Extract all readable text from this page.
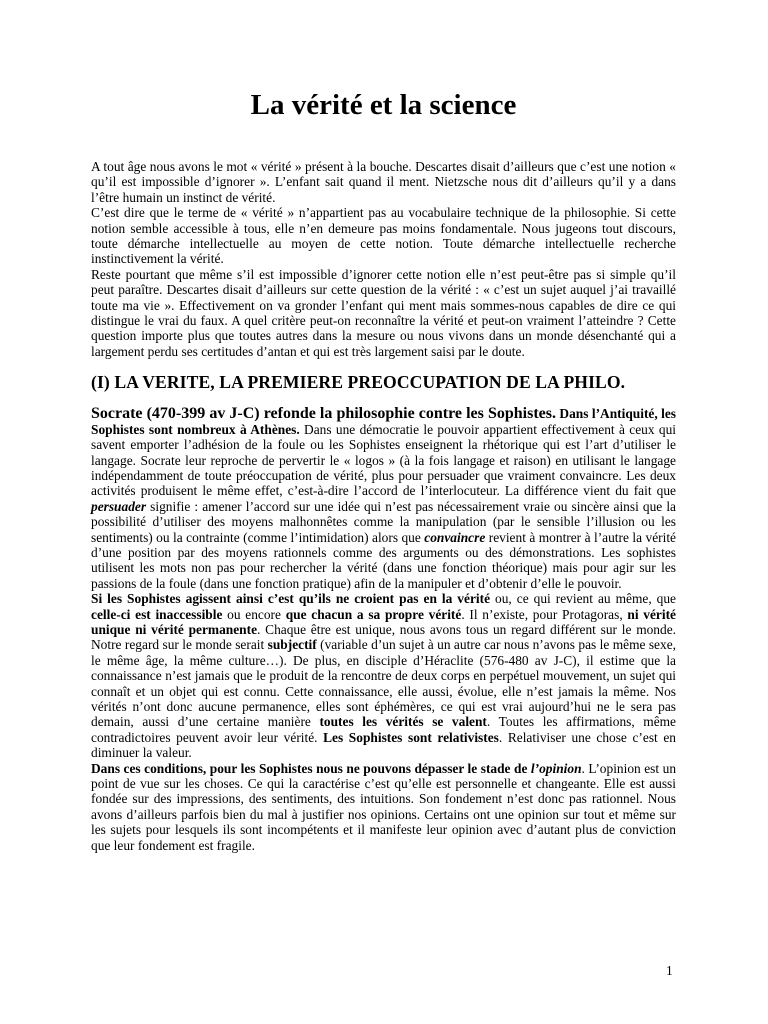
La vérité et la science

A tout âge nous avons le mot « vérité » présent à la bouche. Descartes disait d’ailleurs que c’est une notion « qu’il est impossible d’ignorer ». L’enfant sait quand il ment. Nietzsche nous dit d’ailleurs qu’il y a dans l’être humain un instinct de vérité.

C’est dire que le terme de « vérité » n’appartient pas au vocabulaire technique de la philosophie. Si cette notion semble accessible à tous, elle n’en demeure pas moins fondamentale. Nous jugeons tout discours, toute démarche intellectuelle au moyen de cette notion. Toute démarche intellectuelle recherche instinctivement la vérité.

Reste pourtant que même s’il est impossible d’ignorer cette notion elle n’est peut-être pas si simple qu’il peut paraître. Descartes disait d’ailleurs sur cette question de la vérité : « c’est un sujet auquel j’ai travaillé toute ma vie ». Effectivement on va gronder l’enfant qui ment mais sommes-nous capables de dire ce qui distingue le vrai du faux. A quel critère peut-on reconnaître la vérité et peut-on vraiment l’atteindre ? Cette question importe plus que toutes autres dans la mesure ou nous vivons dans un monde désenchanté qui a largement perdu ses certitudes d’antan et qui est très largement saisi par le doute.

(I) LA VERITE, LA PREMIERE PREOCCUPATION DE LA PHILO.

Socrate (470-399 av J-C) refonde la philosophie contre les Sophistes. Dans l’Antiquité, les Sophistes sont nombreux à Athènes. Dans une démocratie le pouvoir appartient effectivement à ceux qui savent emporter l’adhésion de la foule ou les Sophistes enseignent la rhétorique qui est l’art d’utiliser le langage. Socrate leur reproche de pervertir le « logos » (à la fois langage et raison) en utilisant le langage indépendamment de toute préoccupation de vérité, plus pour persuader que vraiment convaincre. Les deux activités produisent le même effet, c’est-à-dire l’accord de l’interlocuteur. La différence vient du fait que persuader signifie : amener l’accord sur une idée qui n’est pas nécessairement vraie ou sincère ainsi que la possibilité d’utiliser des moyens malhonnêtes comme la manipulation (par le sensible l’illusion ou les sentiments) ou la contrainte (comme l’intimidation) alors que convaincre revient à montrer à l’autre la vérité d’une position par des moyens rationnels comme des arguments ou des démonstrations. Les sophistes utilisent les mots non pas pour rechercher la vérité (dans une fonction théorique) mais pour agir sur les passions de la foule (dans une fonction pratique) afin de la manipuler et d’obtenir d’elle le pouvoir.

Si les Sophistes agissent ainsi c’est qu’ils ne croient pas en la vérité ou, ce qui revient au même, que celle-ci est inaccessible ou encore que chacun a sa propre vérité. Il n’existe, pour Protagoras, ni vérité unique ni vérité permanente. Chaque être est unique, nous avons tous un regard différent sur le monde. Notre regard sur le monde serait subjectif (variable d’un sujet à un autre car nous n’avons pas le même sexe, le même âge, la même culture…). De plus, en disciple d’Héraclite (576-480 av J-C), il estime que la connaissance n’est jamais que le produit de la rencontre de deux corps en perpétuel mouvement, un sujet qui connaît et un objet qui est connu. Cette connaissance, elle aussi, évolue, elle n’est jamais la même. Nos vérités n’ont donc aucune permanence, elles sont éphémères, ce qui est vrai aujourd’hui ne le sera pas demain, aussi d’une certaine manière toutes les vérités se valent. Toutes les affirmations, même contradictoires peuvent avoir leur vérité. Les Sophistes sont relativistes. Relativiser une chose c’est en diminuer la valeur.

Dans ces conditions, pour les Sophistes nous ne pouvons dépasser le stade de l’opinion. L’opinion est un point de vue sur les choses. Ce qui la caractérise c’est qu’elle est personnelle et changeante. Elle est aussi fondée sur des impressions, des sentiments, des intuitions. Son fondement n’est donc pas rationnel. Nous avons d’ailleurs parfois bien du mal à justifier nos opinions. Certains ont une opinion sur tout et même sur les sujets pour lesquels ils sont incompétents et il manifeste leur opinion avec d’autant plus de conviction que leur fondement est fragile.

1
